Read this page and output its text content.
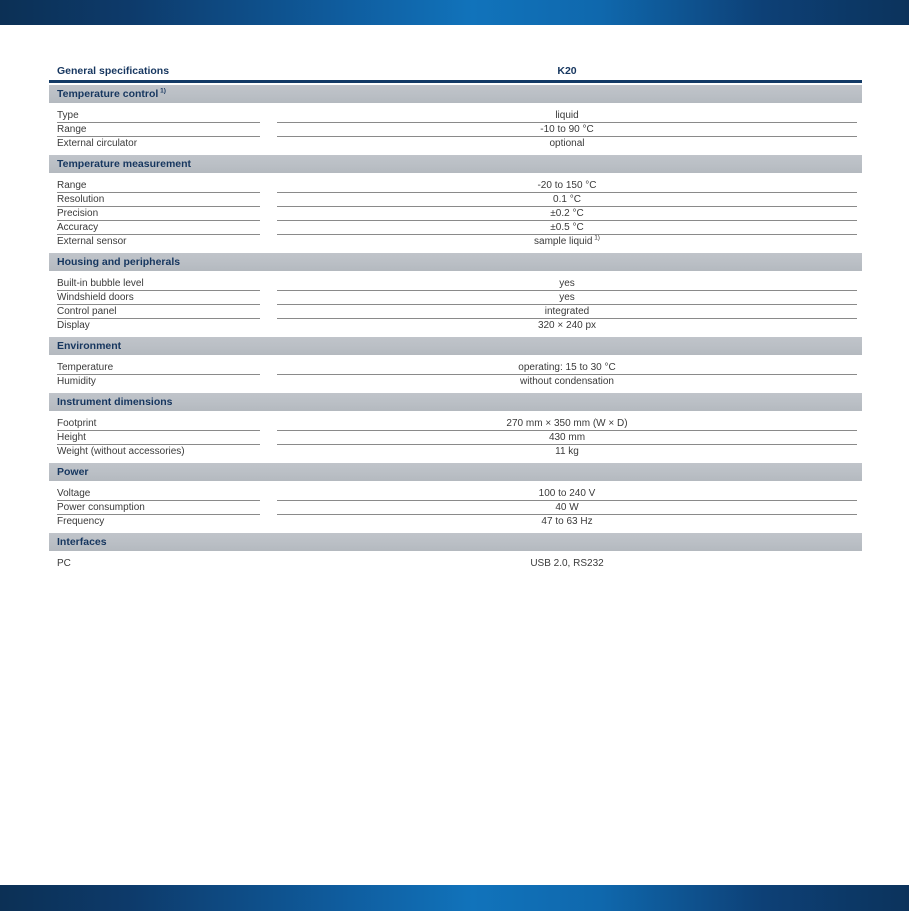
General specifications	K20
Temperature control $^{1)}$
Type	liquid
Range	-10 to 90 °C
External circulator	optional
Temperature measurement
Range	-20 to 150 °C
Resolution	0.1 °C
Precision	±0.2 °C
Accuracy	±0.5 °C
External sensor	sample liquid $^{1)}$
Housing and peripherals
Built-in bubble level	yes
Windshield doors	yes
Control panel	integrated
Display	320 × 240 px
Environment
Temperature	operating: 15 to 30 °C
Humidity	without condensation
Instrument dimensions
Footprint	270 mm × 350 mm (W × D)
Height	430 mm
Weight (without accessories)	11 kg
Power
Voltage	100 to 240 V
Power consumption	40 W
Frequency	47 to 63 Hz
Interfaces
PC	USB 2.0, RS232
